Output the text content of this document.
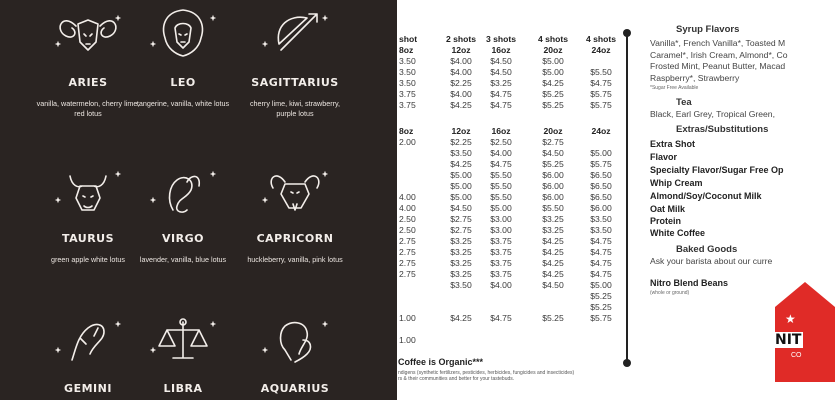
ARIES
vanilla, watermelon, cherry lime, red lotus
LEO
tangerine, vanilla, white lotus
SAGITTARIUS
cherry lime, kiwi, strawberry, purple lotus
TAURUS
green apple white lotus
VIRGO
lavender, vanilla, blue lotus
CAPRICORN
huckleberry, vanilla, pink lotus
GEMINI	LIBRA	AQUARIUS
shot
8oz
3.50
3.50
3.50
3.75
3.75
8oz
2.00
4.00
4.00
2.50
2.50
2.75
2.75
2.75
2.75
1.00
1.00
2 shots
12oz
$4.00
$4.00
$2.25
$4.00
$4.25
12oz
$2.25
$3.50
$4.25
$5.00
$5.00
$5.00
$4.50
$2.75
$2.75
$3.25
$3.25
$3.25
$3.25
$3.50
$4.25
3 shots
16oz
$4.50
$4.50
$3.25
$4.75
$4.75
16oz
$2.50
$4.00
$4.75
$5.50
$5.50
$5.50
$5.00
$3.00
$3.00
$3.75
$3.75
$3.75
$3.75
$4.00
$4.75
4 shots
20oz
$5.00
$5.00
$4.25
$5.25
$5.25
20oz
$2.75
$4.50
$5.25
$6.00
$6.00
$6.00
$5.50
$3.25
$3.25
$4.25
$4.25
$4.25
$4.25
$4.50
$5.25
4 shots
24oz
$5.50
$4.75
$5.75
$5.75
24oz
$5.00
$5.75
$6.50
$6.50
$6.50
$6.00
$3.50
$3.50
$4.75
$4.75
$4.75
$4.75
$5.00
$5.25
$5.25
$5.75
Coffee is Organic***
ndigens (synthetic fertilizers, pesticides, herbicides, fungicides and insecticides)
rs & their communities and better for your tastebuds.
Syrup Flavors
Vanilla*, French Vanilla*, Toasted M
Caramel*, Irish Cream, Almond*, Co
Frosted Mint, Peanut Butter, Macad
Raspberry*, Strawberry
*Sugar Free Available
Tea
Black, Earl Grey, Tropical Green,
Extras/Substitutions
Extra Shot
Flavor
Specialty Flavor/Sugar Free Op
Whip Cream
Almond/Soy/Coconut Milk
Oat Milk
Protein
White Coffee
Baked Goods
Ask your barista about our curre
Nitro Blend Beans
(whole or ground)
★
NIT
CO
